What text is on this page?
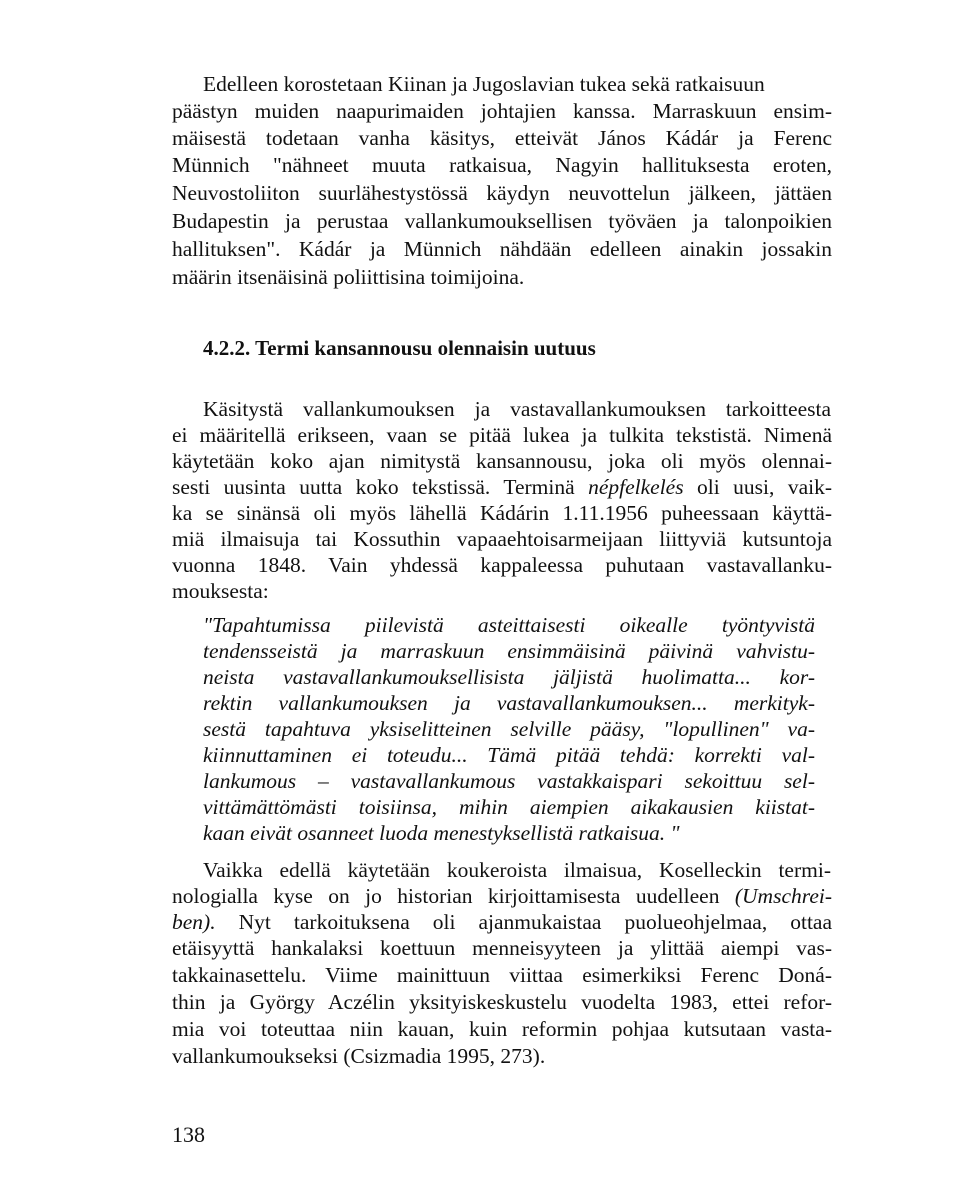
Edelleen korostetaan Kiinan ja Jugoslavian tukea sekä ratkaisuun
päästyn muiden naapurimaiden johtajien kanssa. Marraskuun ensim-
mäisestä todetaan vanha käsitys, etteivät János Kádár ja Ferenc
Münnich "nähneet muuta ratkaisua, Nagyin hallituksesta eroten,
Neuvostoliiton suurlähestystössä käydyn neuvottelun jälkeen, jättäen
Budapestin ja perustaa vallankumouksellisen työväen ja talonpoikien
hallituksen". Kádár ja Münnich nähdään edelleen ainakin jossakin
määrin itsenäisinä poliittisina toimijoina.
4.2.2. Termi kansannousu olennaisin uutuus
Käsitystä vallankumouksen ja vastavallankumouksen tarkoitteesta
ei määritellä erikseen, vaan se pitää lukea ja tulkita tekstistä. Nimenä
käytetään koko ajan nimitystä kansannousu, joka oli myös olennai-
sesti uusinta uutta koko tekstissä. Terminä népfelkelés oli uusi, vaik-
ka se sinänsä oli myös lähellä Kádárin 1.11.1956 puheessaan käyttä-
miä ilmaisuja tai Kossuthin vapaaehtoisarmeijaan liittyviä kutsuntoja
vuonna 1848. Vain yhdessä kappaleessa puhutaan vastavallanku-
mouksesta:
"Tapahtumissa piilevistä asteittaisesti oikealle työntyvistä
tendensseistä ja marraskuun ensimmäisinä päivinä vahvistu-
neista vastavallankumouksellisista jäljistä huolimatta... kor-
rektin vallankumouksen ja vastavallankumouksen... merkityk-
sestä tapahtuva yksiselitteinen selville pääsy, "lopullinen" va-
kiinnuttaminen ei toteudu... Tämä pitää tehdä: korrekti val-
lankumous – vastavallankumous vastakkaispari sekoittuu sel-
vittämättömästi toisiinsa, mihin aiempien aikakausien kiistat-
kaan eivät osanneet luoda menestyksellistä ratkaisua. "
Vaikka edellä käytetään koukeroista ilmaisua, Koselleckin termi-
nologialla kyse on jo historian kirjoittamisesta uudelleen (Umschrei-
ben). Nyt tarkoituksena oli ajanmukaistaa puolueohjelmaa, ottaa
etäisyyttä hankalaksi koettuun menneisyyteen ja ylittää aiempi vas-
takkainasettelu. Viime mainittuun viittaa esimerkiksi Ferenc Doná-
thin ja György Aczélin yksityiskeskustelu vuodelta 1983, ettei refor-
mia voi toteuttaa niin kauan, kuin reformin pohjaa kutsutaan vasta-
vallankumoukseksi (Csizmadia 1995, 273).
138
